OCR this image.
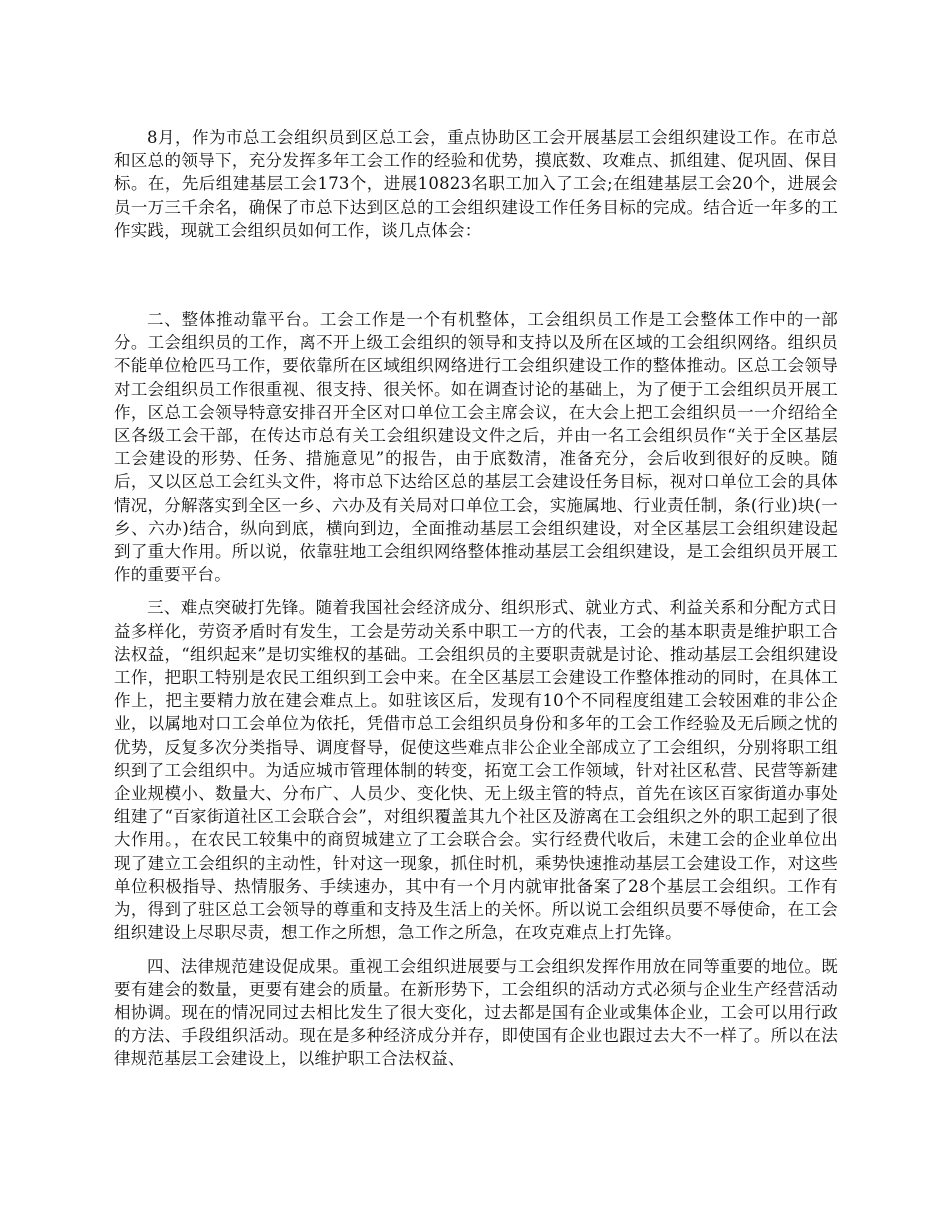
8月，作为市总工会组织员到区总工会，重点协助区工会开展基层工会组织建设工作。在市总和区总的领导下，充分发挥多年工会工作的经验和优势，摸底数、攻难点、抓组建、促巩固、保目标。在，先后组建基层工会173个，进展10823名职工加入了工会;在组建基层工会20个，进展会员一万三千余名，确保了市总下达到区总的工会组织建设工作任务目标的完成。结合近一年多的工作实践，现就工会组织员如何工作，谈几点体会：

二、整体推动靠平台。工会工作是一个有机整体，工会组织员工作是工会整体工作中的一部分。工会组织员的工作，离不开上级工会组织的领导和支持以及所在区域的工会组织网络。组织员不能单位枪匹马工作，要依靠所在区域组织网络进行工会组织建设工作的整体推动。区总工会领导对工会组织员工作很重视、很支持、很关怀。如在调查讨论的基础上，为了便于工会组织员开展工作，区总工会领导特意安排召开全区对口单位工会主席会议，在大会上把工会组织员一一介绍给全区各级工会干部，在传达市总有关工会组织建设文件之后，并由一名工会组织员作“关于全区基层工会建设的形势、任务、措施意见”的报告，由于底数清，准备充分，会后收到很好的反映。随后，又以区总工会红头文件，将市总下达给区总的基层工会建设任务目标，视对口单位工会的具体情况，分解落实到全区一乡、六办及有关局对口单位工会，实施属地、行业责任制，条(行业)块(一乡、六办)结合，纵向到底，横向到边，全面推动基层工会组织建设，对全区基层工会组织建设起到了重大作用。所以说，依靠驻地工会组织网络整体推动基层工会组织建设，是工会组织员开展工作的重要平台。

三、难点突破打先锋。随着我国社会经济成分、组织形式、就业方式、利益关系和分配方式日益多样化，劳资矛盾时有发生，工会是劳动关系中职工一方的代表，工会的基本职责是维护职工合法权益，“组织起来”是切实维权的基础。工会组织员的主要职责就是讨论、推动基层工会组织建设工作，把职工特别是农民工组织到工会中来。在全区基层工会建设工作整体推动的同时，在具体工作上，把主要精力放在建会难点上。如驻该区后，发现有10个不同程度组建工会较困难的非公企业，以属地对口工会单位为依托，凭借市总工会组织员身份和多年的工会工作经验及无后顾之忧的优势，反复多次分类指导、调度督导，促使这些难点非公企业全部成立了工会组织，分别将职工组织到了工会组织中。为适应城市管理体制的转变，拓宽工会工作领域，针对社区私营、民营等新建企业规模小、数量大、分布广、人员少、变化快、无上级主管的特点，首先在该区百家街道办事处组建了“百家街道社区工会联合会”，对组织覆盖其九个社区及游离在工会组织之外的职工起到了很大作用。，在农民工较集中的商贸城建立了工会联合会。实行经费代收后，未建工会的企业单位出现了建立工会组织的主动性，针对这一现象，抓住时机，乘势快速推动基层工会建设工作，对这些单位积极指导、热情服务、手续速办，其中有一个月内就审批备案了28个基层工会组织。工作有为，得到了驻区总工会领导的尊重和支持及生活上的关怀。所以说工会组织员要不辱使命，在工会组织建设上尽职尽责，想工作之所想，急工作之所急，在攻克难点上打先锋。

四、法律规范建设促成果。重视工会组织进展要与工会组织发挥作用放在同等重要的地位。既要有建会的数量，更要有建会的质量。在新形势下，工会组织的活动方式必须与企业生产经营活动相协调。现在的情况同过去相比发生了很大变化，过去都是国有企业或集体企业，工会可以用行政的方法、手段组织活动。现在是多种经济成分并存，即使国有企业也跟过去大不一样了。所以在法律规范基层工会建设上，以维护职工合法权益、
